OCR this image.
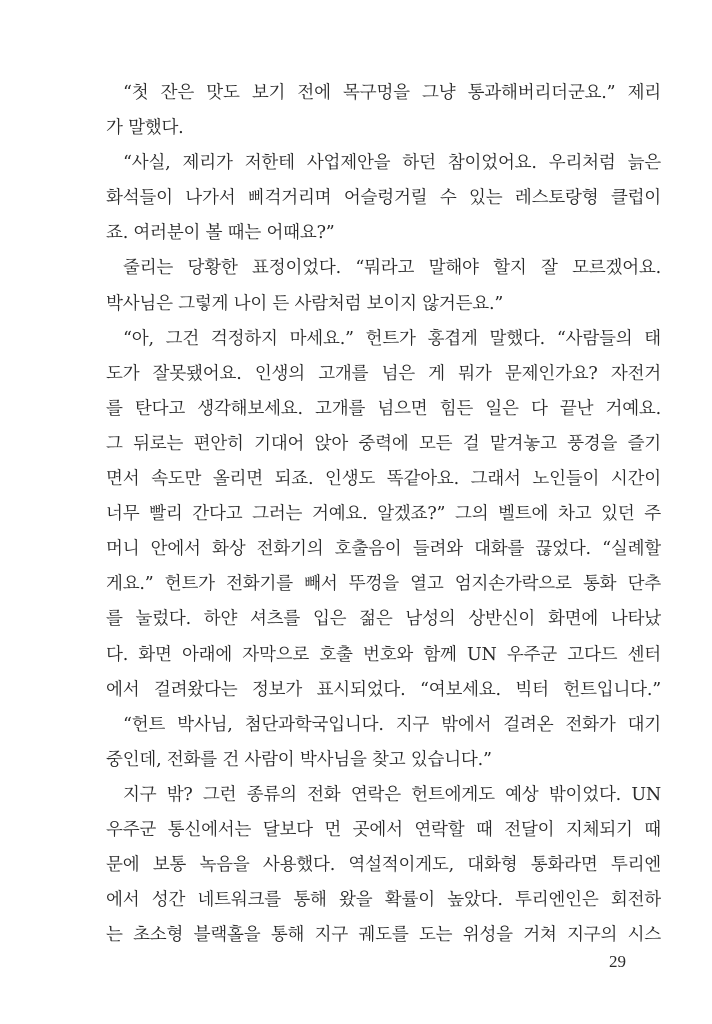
“첫 잔은 맛도 보기 전에 목구멍을 그냥 통과해버리더군요.” 제리
가 말했다.
“사실, 제리가 저한테 사업제안을 하던 참이었어요. 우리처럼 늙은
화석들이 나가서 삐걱거리며 어슬렁거릴 수 있는 레스토랑형 클럽이
죠. 여러분이 볼 때는 어때요?”
줄리는 당황한 표정이었다. “뭐라고 말해야 할지 잘 모르겠어요.
박사님은 그렇게 나이 든 사람처럼 보이지 않거든요.”
“아, 그건 걱정하지 마세요.” 헌트가 홍겹게 말했다. “사람들의 태
도가 잘못됐어요. 인생의 고개를 넘은 게 뭐가 문제인가요? 자전거
를 탄다고 생각해보세요. 고개를 넘으면 힘든 일은 다 끝난 거예요.
그 뒤로는 편안히 기대어 앉아 중력에 모든 걸 맡겨놓고 풍경을 즐기
면서 속도만 올리면 되죠. 인생도 똑같아요. 그래서 노인들이 시간이
너무 빨리 간다고 그러는 거예요. 알겠죠?” 그의 벨트에 차고 있던 주
머니 안에서 화상 전화기의 호출음이 들려와 대화를 끊었다. “실례할
게요.” 헌트가 전화기를 빼서 뚜껑을 열고 엄지손가락으로 통화 단추
를 눌렀다. 하얀 셔츠를 입은 젊은 남성의 상반신이 화면에 나타났
다. 화면 아래에 자막으로 호출 번호와 함께 UN 우주군 고다드 센터
에서 걸려왔다는 정보가 표시되었다. “여보세요. 빅터 헌트입니다.”
“헌트 박사님, 첨단과학국입니다. 지구 밖에서 걸려온 전화가 대기
중인데, 전화를 건 사람이 박사님을 찾고 있습니다.”
지구 밖? 그런 종류의 전화 연락은 헌트에게도 예상 밖이었다. UN
우주군 통신에서는 달보다 먼 곳에서 연락할 때 전달이 지체되기 때
문에 보통 녹음을 사용했다. 역설적이게도, 대화형 통화라면 투리엔
에서 성간 네트워크를 통해 왔을 확률이 높았다. 투리엔인은 회전하
는 초소형 블랙홀을 통해 지구 궤도를 도는 위성을 거쳐 지구의 시스
29
